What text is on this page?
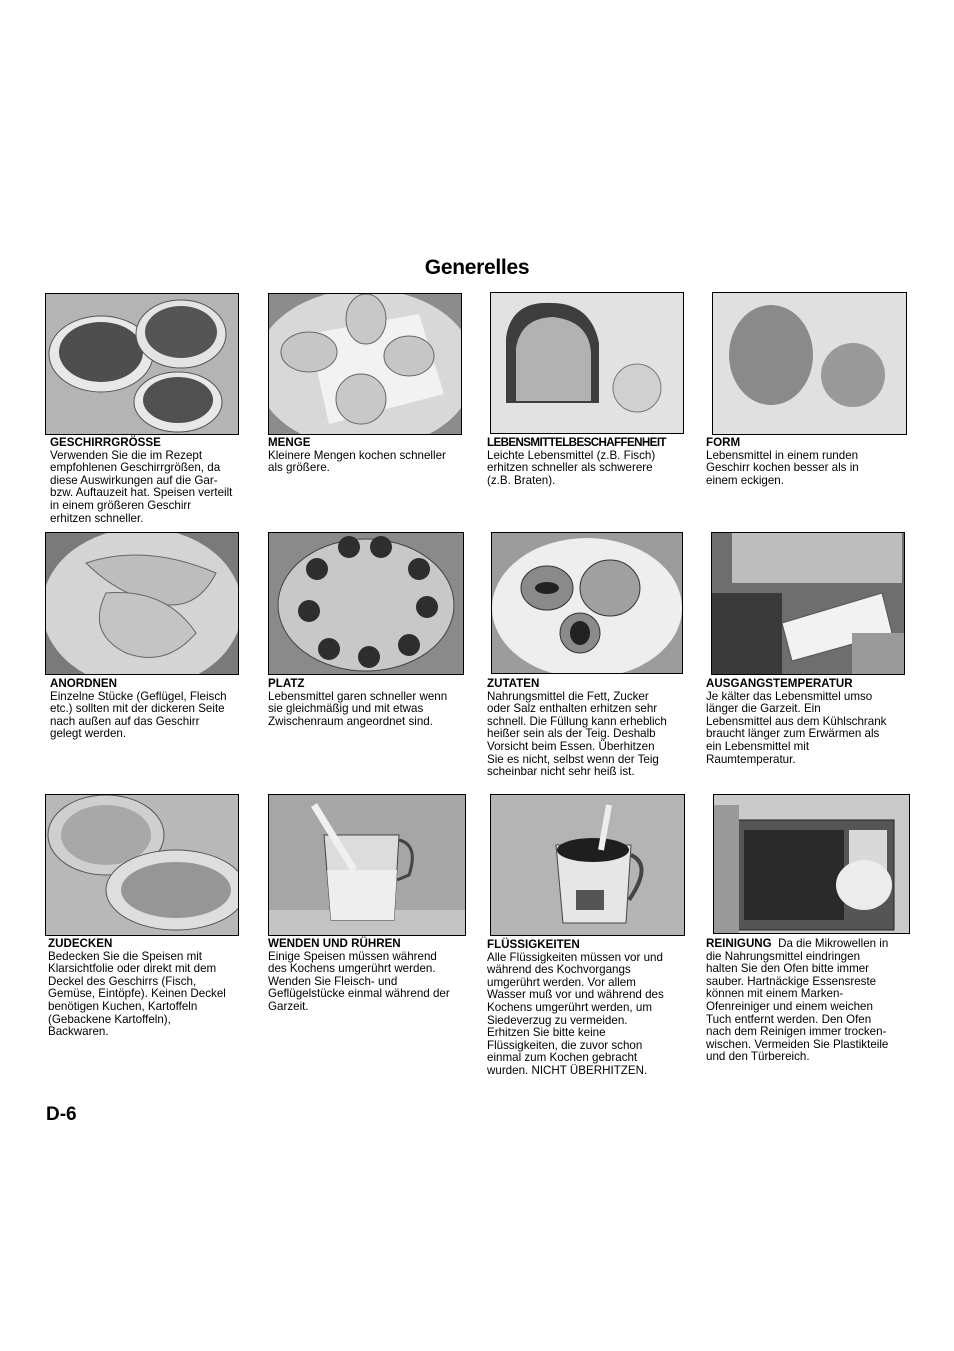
Generelles
GESCHIRRGRÖSSE
Verwenden Sie die im Rezept
empfohlenen Geschirrgrößen, da
diese Auswirkungen auf die Gar-
bzw. Auftauzeit hat. Speisen verteilt
in einem größeren Geschirr
erhitzen schneller.
MENGE
Kleinere Mengen kochen schneller
als größere.
LEBENSMITTELBESCHAFFENHEIT
Leichte Lebensmittel (z.B. Fisch)
erhitzen schneller als schwerere
(z.B. Braten).
FORM
Lebensmittel in einem runden
Geschirr kochen besser als in
einem eckigen.
ANORDNEN
Einzelne Stücke (Geflügel, Fleisch
etc.) sollten mit der dickeren Seite
nach außen auf das Geschirr
gelegt werden.
PLATZ
Lebensmittel garen schneller wenn
sie gleichmäßig und mit etwas
Zwischenraum angeordnet sind.
ZUTATEN
Nahrungsmittel die Fett, Zucker
oder Salz enthalten erhitzen sehr
schnell. Die Füllung kann erheblich
heißer sein als der Teig. Deshalb
Vorsicht beim Essen. Überhitzen
Sie es nicht, selbst wenn der Teig
scheinbar nicht sehr heiß ist.
AUSGANGSTEMPERATUR
Je kälter das Lebensmittel umso
länger die Garzeit. Ein
Lebensmittel aus dem Kühlschrank
braucht länger zum Erwärmen als
ein Lebensmittel mit
Raumtemperatur.
ZUDECKEN
Bedecken Sie die Speisen mit
Klarsichtfolie oder direkt mit dem
Deckel des Geschirrs (Fisch,
Gemüse, Eintöpfe). Keinen Deckel
benötigen Kuchen, Kartoffeln
(Gebackene Kartoffeln),
Backwaren.
WENDEN UND RÜHREN
Einige Speisen müssen während
des Kochens umgerührt werden.
Wenden Sie Fleisch- und
Geflügelstücke einmal während der
Garzeit.
FLÜSSIGKEITEN
Alle Flüssigkeiten müssen vor und
während des Kochvorgangs
umgerührt werden. Vor allem
Wasser muß vor und während des
Kochens umgerührt werden, um
Siedeverzug zu vermeiden.
Erhitzen Sie bitte keine
Flüssigkeiten, die zuvor schon
einmal zum Kochen gebracht
wurden. NICHT ÜBERHITZEN.
REINIGUNG  Da die Mikrowellen in
die Nahrungsmittel eindringen
halten Sie den Ofen bitte immer
sauber. Hartnäckige Essensreste
können mit einem Marken-
Ofenreiniger und einem weichen
Tuch entfernt werden. Den Ofen
nach dem Reinigen immer trocken-
wischen. Vermeiden Sie Plastikteile
und den Türbereich.
D-6
